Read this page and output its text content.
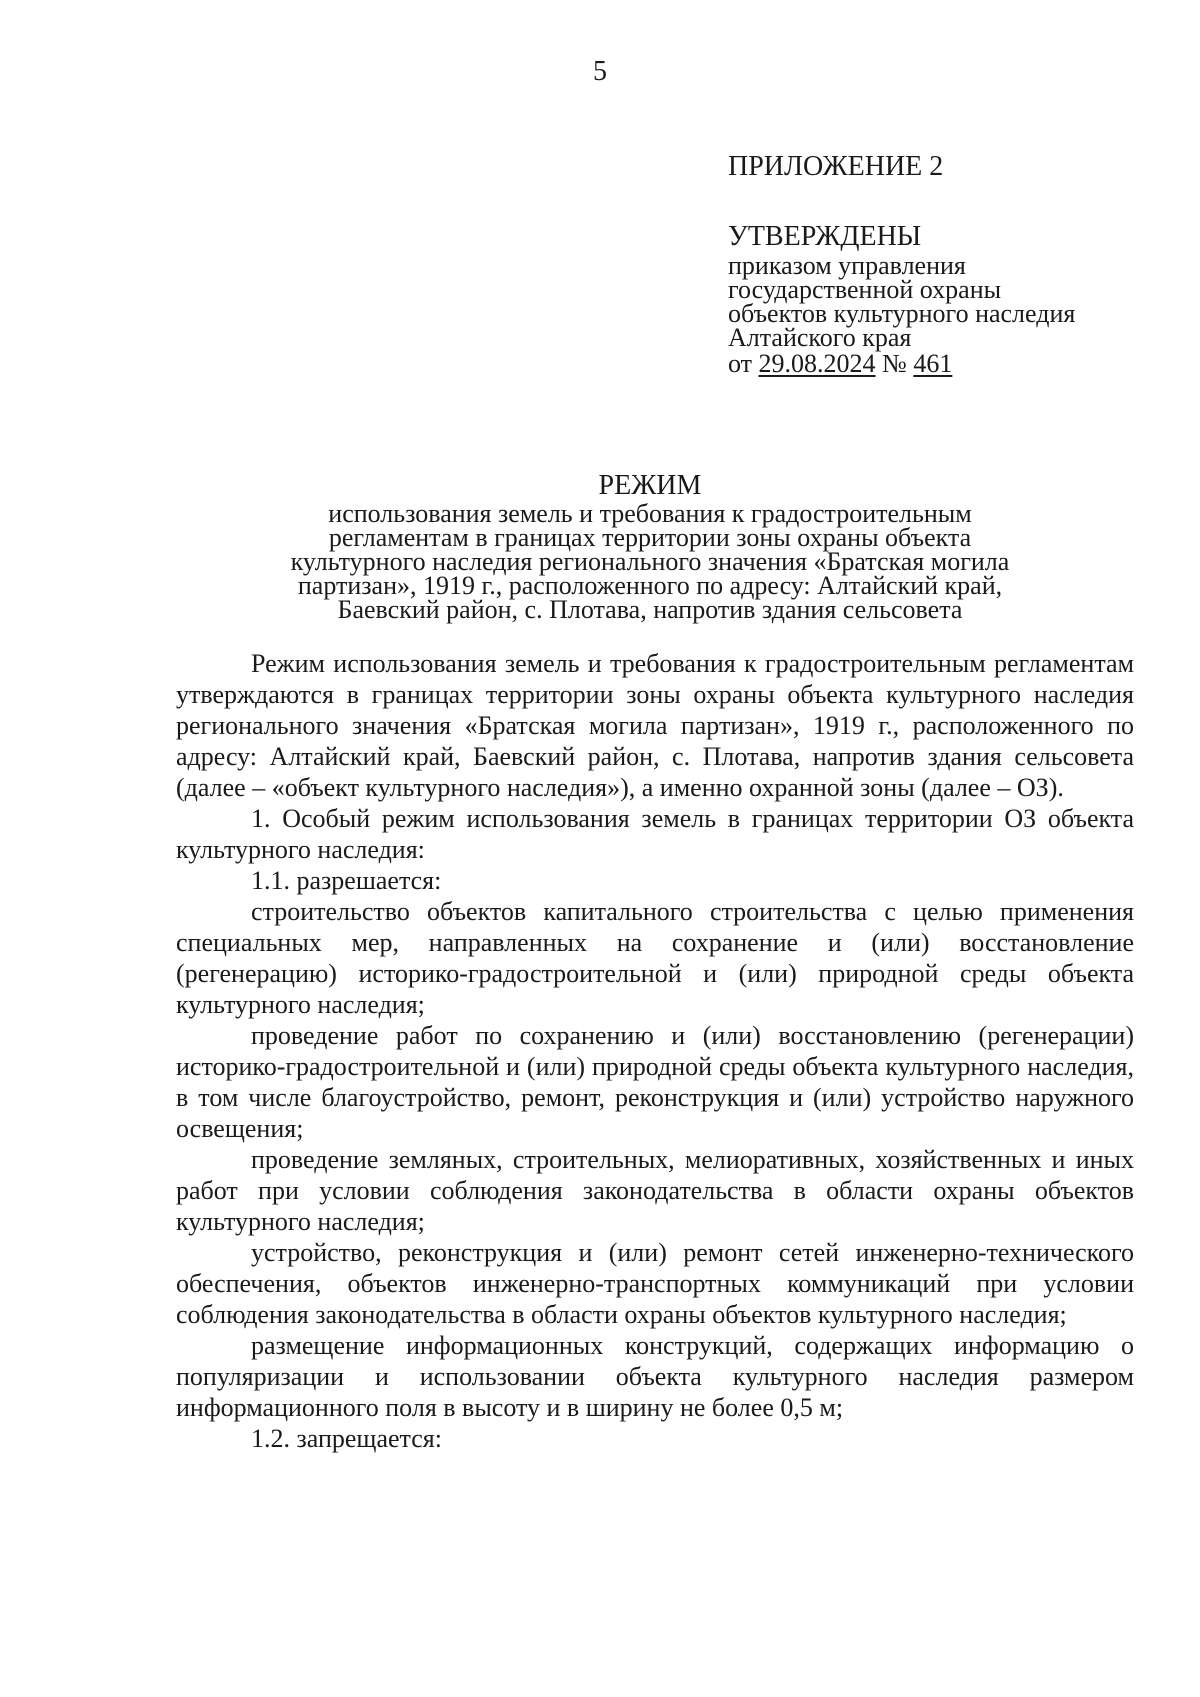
5

ПРИЛОЖЕНИЕ 2

УТВЕРЖДЕНЫ

приказом управления

государственной охраны

объектов культурного наследия

Алтайского края

от 29.08.2024 № 461

РЕЖИМ

использования земель и требования к градостроительным

регламентам в границах территории зоны охраны объекта

культурного наследия регионального значения «Братская могила

партизан», 1919 г., расположенного по адресу: Алтайский край,

Баевский район, с. Плотава, напротив здания сельсовета

Режим использования земель и требования к градостроительным регламентам утверждаются в границах территории зоны охраны объекта культурного наследия регионального значения «Братская могила партизан», 1919 г., расположенного по адресу: Алтайский край, Баевский район, с. Плотава, напротив здания сельсовета (далее – «объект культурного наследия»), а именно охранной зоны (далее – ОЗ).

1. Особый режим использования земель в границах территории ОЗ объекта культурного наследия:

1.1. разрешается:

строительство объектов капитального строительства с целью применения специальных мер, направленных на сохранение и (или) восстановление (регенерацию) историко-градостроительной и (или) природной среды объекта культурного наследия;

проведение работ по сохранению и (или) восстановлению (регенерации) историко-градостроительной и (или) природной среды объекта культурного наследия, в том числе благоустройство, ремонт, реконструкция и (или) устройство наружного освещения;

проведение земляных, строительных, мелиоративных, хозяйственных и иных работ при условии соблюдения законодательства в области охраны объектов культурного наследия;

устройство, реконструкция и (или) ремонт сетей инженерно-технического обеспечения, объектов инженерно-транспортных коммуникаций при условии соблюдения законодательства в области охраны объектов культурного наследия;

размещение информационных конструкций, содержащих информацию о популяризации и использовании объекта культурного наследия размером информационного поля в высоту и в ширину не более 0,5 м;

1.2. запрещается:
